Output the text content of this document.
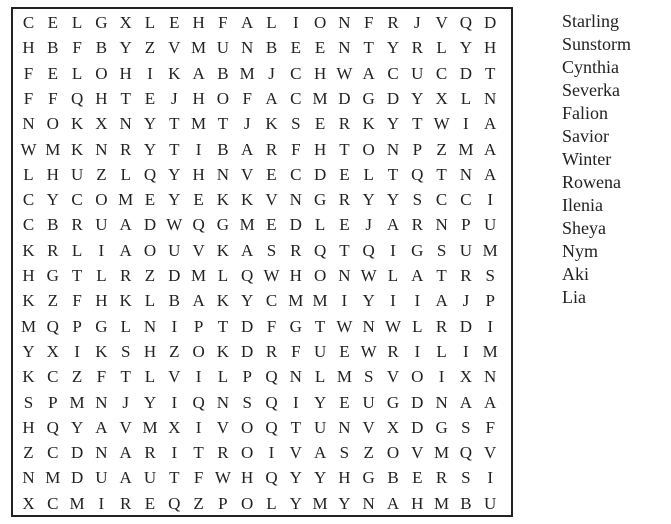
C E L G X L E H F A L I O N F R J V Q D
H B F B Y Z V M U N B E E N T Y R L Y H
F E L O H I K A B M J C H W A C U C D T
F F Q H T E J H O F A C M D G D Y X L N
N O K X N Y T M T J K S E R K Y T W I A
W M K N R Y T I B A R F H T O N P Z M A
L H U Z L Q Y H N V E C D E L T Q T N A
C Y C O M E Y E K K V N G R Y Y S C C I
C B R U A D W Q G M E D L E J A R N P U
K R L I A O U V K A S R Q T Q I G S U M
H G T L R Z D M L Q W H O N W L A T R S
K Z F H K L B A K Y C M M I Y I	I A J P
M Q P G L N I P T D F G T W N W L R D I
Y X I K S H Z O K D R F U E W R I L I M
K C Z F T L V I L P Q N L M S V O I X N
S P M N J Y I Q N S Q I Y E U G D N A A
H Q Y A V M X I V O Q T U N V X D G S F
Z C D N A R I T R O I V A S Z O V M Q V
N M D U A U T F W H Q Y Y H G B E R S I
X C M I R E Q Z P O L Y M Y N A H M B U
Starling
Sunstorm
Cynthia
Severka
Falion
Savior
Winter
Rowena
Ilenia
Sheya
Nym
Aki
Lia
